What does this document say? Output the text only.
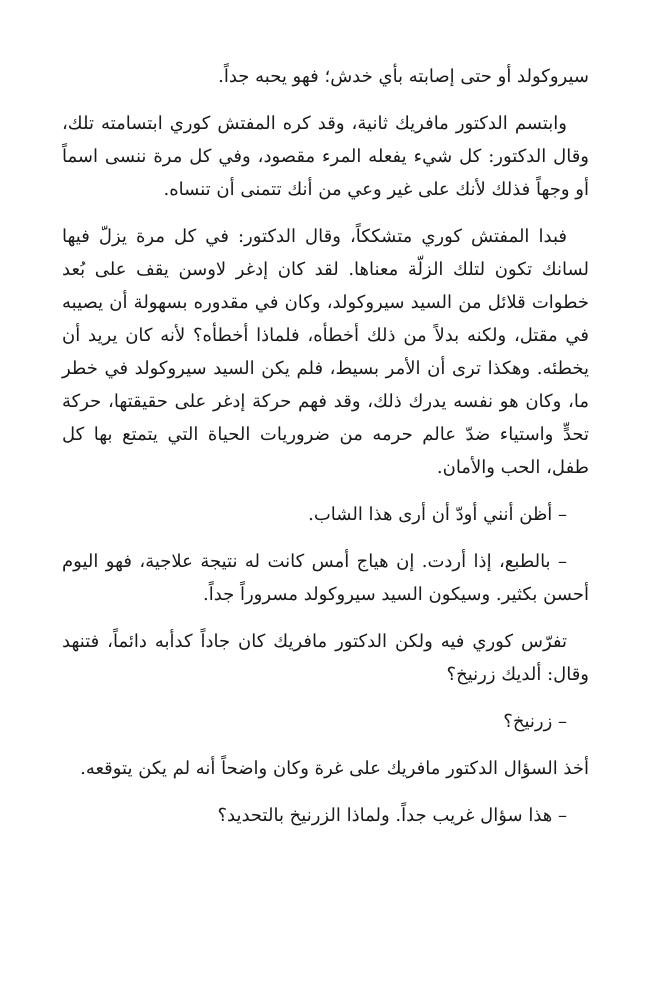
سيروكولد أو حتى إصابته بأي خدش؛ فهو يحبه جداً.

وابتسم الدكتور مافريك ثانية، وقد كره المفتش كوري ابتسامته تلك، وقال الدكتور: كل شيء يفعله المرء مقصود، وفي كل مرة ننسى اسماً أو وجهاً فذلك لأنك على غير وعي من أنك تتمنى أن تنساه.

فبدا المفتش كوري متشككاً، وقال الدكتور: في كل مرة يزلّ فيها لسانك تكون لتلك الزلّة معناها. لقد كان إدغر لاوسن يقف على بُعد خطوات قلائل من السيد سيروكولد، وكان في مقدوره بسهولة أن يصيبه في مقتل، ولكنه بدلاً من ذلك أخطأه، فلماذا أخطأه؟ لأنه كان يريد أن يخطئه. وهكذا ترى أن الأمر بسيط، فلم يكن السيد سيروكولد في خطر ما، وكان هو نفسه يدرك ذلك، وقد فهم حركة إدغر على حقيقتها، حركة تحدٍّ واستياء ضدّ عالم حرمه من ضروريات الحياة التي يتمتع بها كل طفل، الحب والأمان.

– أظن أنني أودّ أن أرى هذا الشاب.

– بالطبع، إذا أردت. إن هياج أمس كانت له نتيجة علاجية، فهو اليوم أحسن بكثير. وسيكون السيد سيروكولد مسروراً جداً.

تفرّس كوري فيه ولكن الدكتور مافريك كان جاداً كدأبه دائماً، فتنهد وقال: ألديك زرنيخ؟

– زرنيخ؟

أخذ السؤال الدكتور مافريك على غرة وكان واضحاً أنه لم يكن يتوقعه.

– هذا سؤال غريب جداً. ولماذا الزرنيخ بالتحديد؟
